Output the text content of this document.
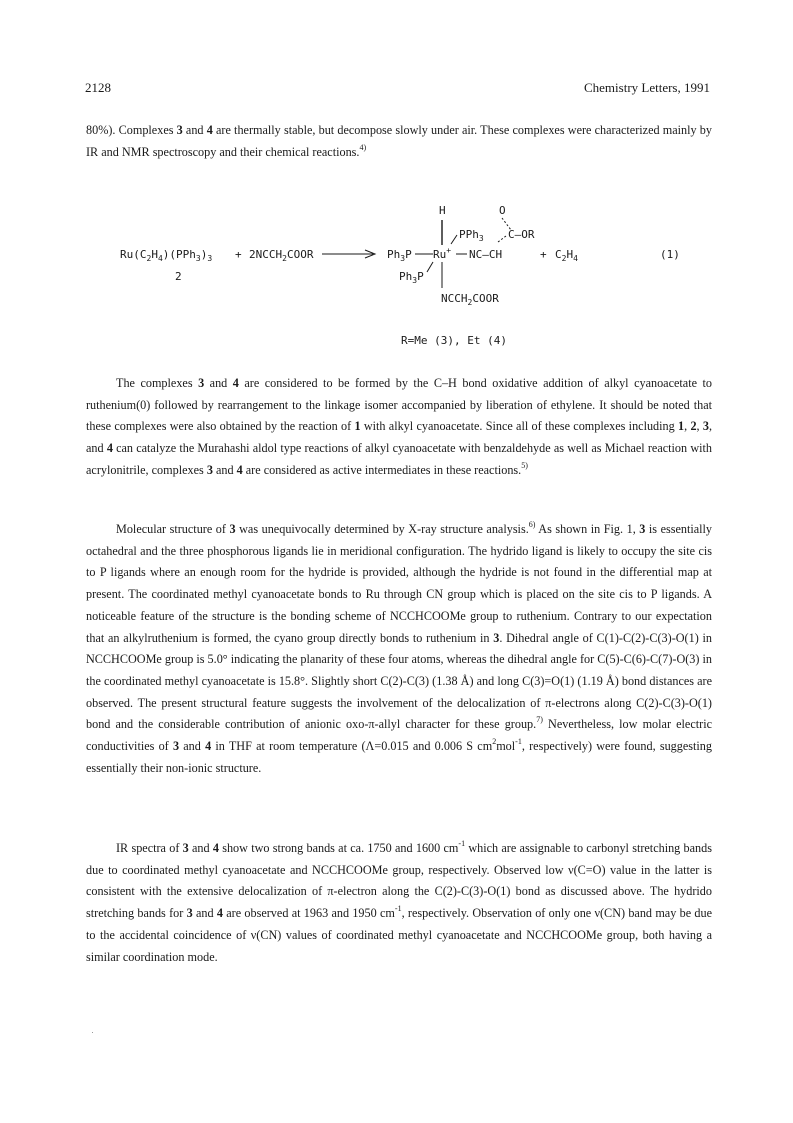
2128	Chemistry Letters, 1991

80%). Complexes 3 and 4 are thermally stable, but decompose slowly under air. These complexes were characterized mainly by IR and NMR spectroscopy and their chemical reactions.$^{4)}$

$Ru(C_2H_4)(PPh_3)_3$ + $2NCCH_2COOR$
2
H	O
PPh$_3$ C–OR
$Ph_3P$ Ru+ NC–CH
$Ph_3P$
$NCCH_2COOR$
+ $C_2H_4$	(1)
R=Me (3), Et (4)

The complexes 3 and 4 are considered to be formed by the C–H bond oxidative addition of alkyl cyanoacetate to ruthenium(0) followed by rearrangement to the linkage isomer accompanied by liberation of ethylene. It should be noted that these complexes were also obtained by the reaction of 1 with alkyl cyanoacetate. Since all of these complexes including 1, 2, 3, and 4 can catalyze the Murahashi aldol type reactions of alkyl cyanoacetate with benzaldehyde as well as Michael reaction with acrylonitrile, complexes 3 and 4 are considered as active intermediates in these reactions.$^{5)}$

Molecular structure of 3 was unequivocally determined by X-ray structure analysis.$^{6)}$ As shown in Fig. 1, 3 is essentially octahedral and the three phosphorous ligands lie in meridional configuration. The hydrido ligand is likely to occupy the site cis to P ligands where an enough room for the hydride is provided, although the hydride is not found in the differential map at present. The coordinated methyl cyanoacetate bonds to Ru through CN group which is placed on the site cis to P ligands. A noticeable feature of the structure is the bonding scheme of NCCHCOOMe group to ruthenium. Contrary to our expectation that an alkylruthenium is formed, the cyano group directly bonds to ruthenium in 3. Dihedral angle of C(1)-C(2)-C(3)-O(1) in NCCHCOOMe group is 5.0° indicating the planarity of these four atoms, whereas the dihedral angle for C(5)-C(6)-C(7)-O(3) in the coordinated methyl cyanoacetate is 15.8°. Slightly short C(2)-C(3) (1.38 Å) and long C(3)=O(1) (1.19 Å) bond distances are observed. The present structural feature suggests the involvement of the delocalization of π-electrons along C(2)-C(3)-O(1) bond and the considerable contribution of anionic oxo-π-allyl character for these group.$^{7)}$ Nevertheless, low molar electric conductivities of 3 and 4 in THF at room temperature (Λ=0.015 and 0.006 S $cm^2mol^{-1}$, respectively) were found, suggesting essentially their non-ionic structure.

IR spectra of 3 and 4 show two strong bands at ca. 1750 and 1600 $cm^{-1}$ which are assignable to carbonyl stretching bands due to coordinated methyl cyanoacetate and NCCHCOOMe group, respectively. Observed low ν(C=O) value in the latter is consistent with the extensive delocalization of π-electron along the C(2)-C(3)-O(1) bond as discussed above. The hydrido stretching bands for 3 and 4 are observed at 1963 and 1950 $cm^{-1}$, respectively. Observation of only one ν(CN) band may be due to the accidental coincidence of ν(CN) values of coordinated methyl cyanoacetate and NCCHCOOMe group, both having a similar coordination mode.
